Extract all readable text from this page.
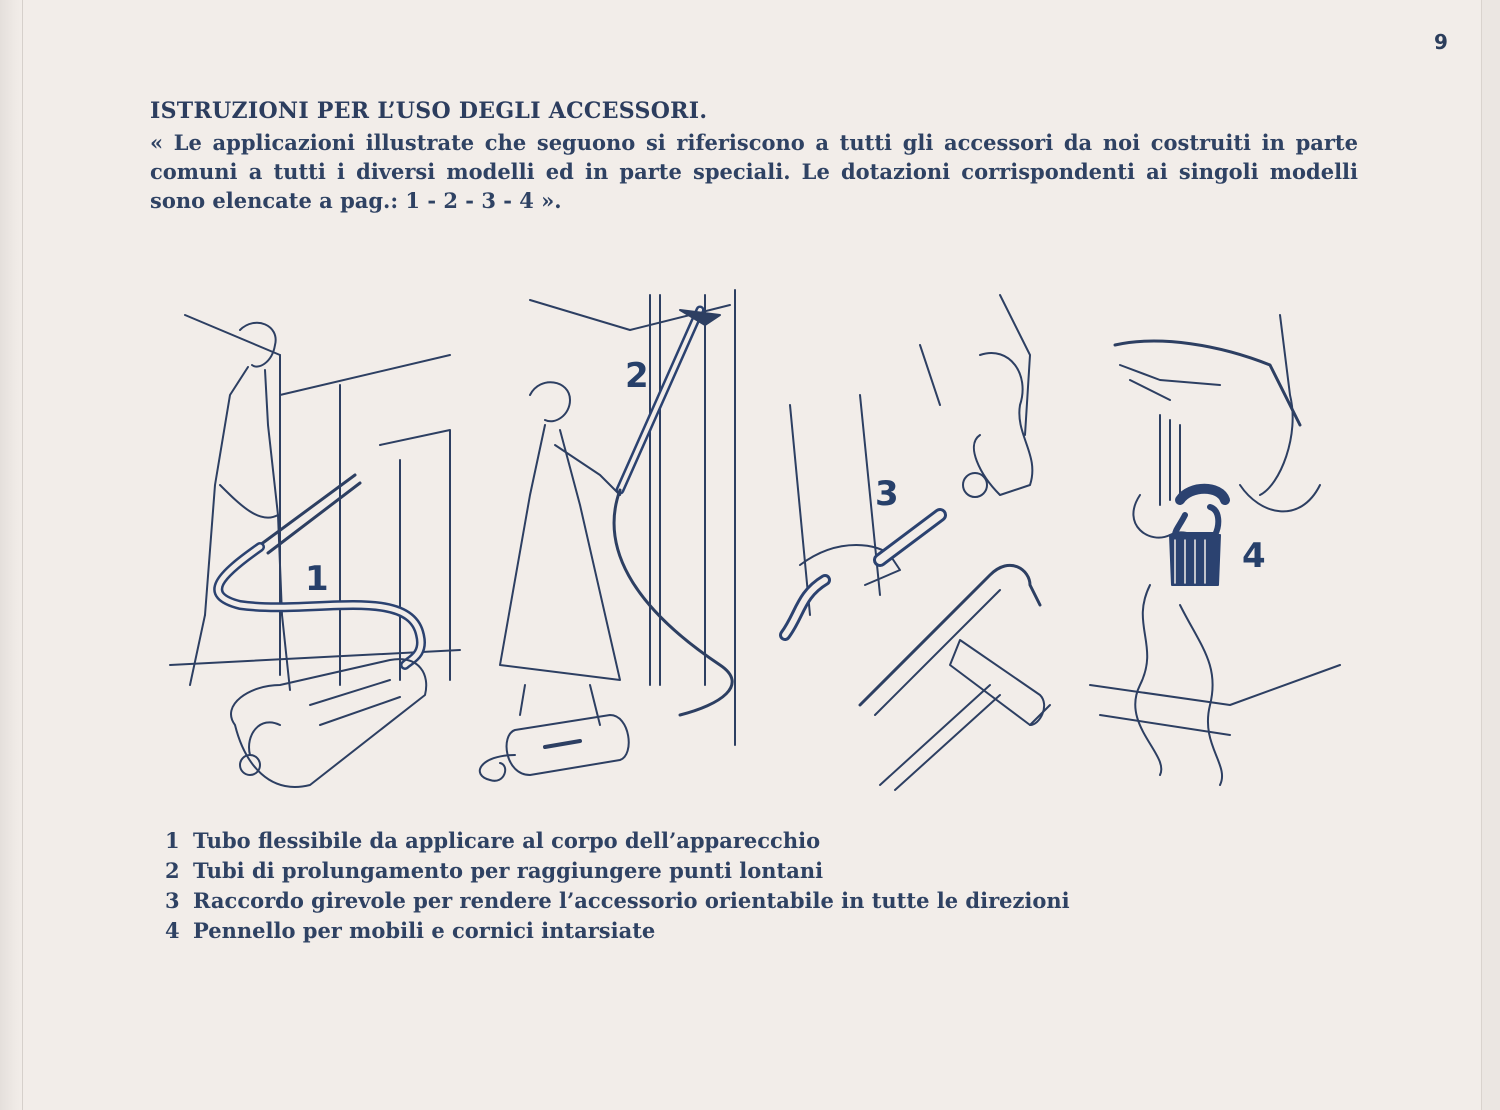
9
ISTRUZIONI PER L’USO DEGLI ACCESSORI.
« Le applicazioni illustrate che seguono si riferiscono a tutti gli accessori da noi costruiti in parte comuni a tutti i diversi modelli ed in parte speciali. Le dotazioni corrispondenti ai singoli modelli sono elencate a pag.: 1 - 2 - 3 - 4 ».
1
2
3
4
1 Tubo flessibile da applicare al corpo dell’apparecchio
2 Tubi di prolungamento per raggiungere punti lontani
3 Raccordo girevole per rendere l’accessorio orientabile in tutte le direzioni
4 Pennello per mobili e cornici intarsiate
